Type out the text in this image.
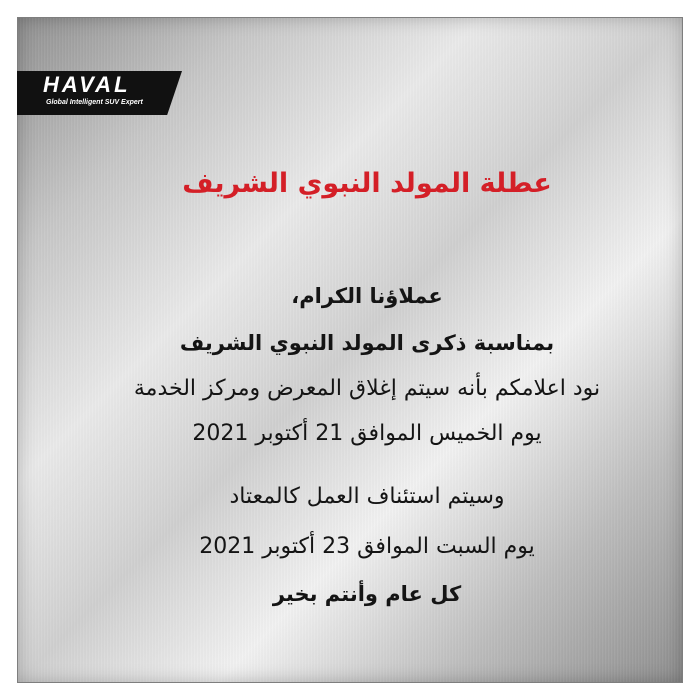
HAVAL
Global Intelligent SUV Expert
عطلة المولد النبوي الشريف
عملاؤنا الكرام،
بمناسبة ذكرى المولد النبوي الشريف
نود اعلامكم بأنه سيتم إغلاق المعرض ومركز الخدمة
يوم الخميس الموافق 21 أكتوبر 2021
وسيتم استئناف العمل كالمعتاد
يوم السبت الموافق 23 أكتوبر 2021
كل عام وأنتم بخير
